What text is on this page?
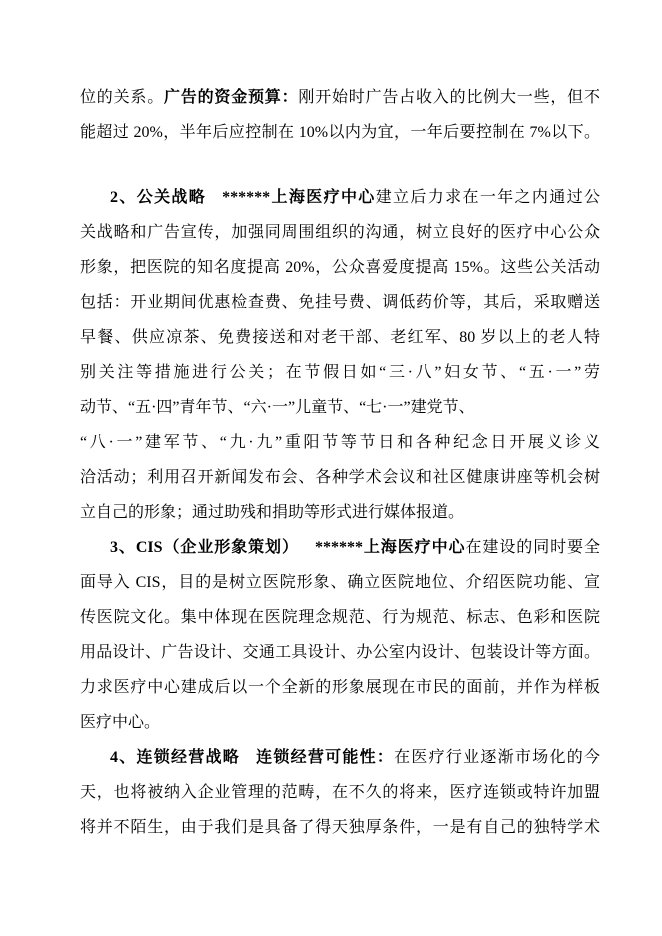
位的关系。广告的资金预算：刚开始时广告占收入的比例大一些，但不
能超过 20%，半年后应控制在 10%以内为宜，一年后要控制在 7%以下。
2、公关战略 ******上海医疗中心建立后力求在一年之内通过公
关战略和广告宣传，加强同周围组织的沟通，树立良好的医疗中心公众
形象，把医院的知名度提高 20%，公众喜爱度提高 15%。这些公关活动
包括：开业期间优惠检查费、免挂号费、调低药价等，其后，采取赠送
早餐、供应凉茶、免费接送和对老干部、老红军、80 岁以上的老人特
别关注等措施进行公关；在节假日如“三·八”妇女节、“五·一”劳
动节、“五·四”青年节、“六·一”儿童节、“七·一”建党节、
“八·一”建军节、“九·九”重阳节等节日和各种纪念日开展义诊义
洽活动；利用召开新闻发布会、各种学术会议和社区健康讲座等机会树
立自己的形象；通过助残和捐助等形式进行媒体报道。
3、CIS（企业形象策划） ******上海医疗中心在建设的同时要全
面导入 CIS，目的是树立医院形象、确立医院地位、介绍医院功能、宣
传医院文化。集中体现在医院理念规范、行为规范、标志、色彩和医院
用品设计、广告设计、交通工具设计、办公室内设计、包装设计等方面。
力求医疗中心建成后以一个全新的形象展现在市民的面前，并作为样板
医疗中心。
4、连锁经营战略 连锁经营可能性：在医疗行业逐渐市场化的今
天，也将被纳入企业管理的范畴，在不久的将来，医疗连锁或特许加盟
将并不陌生，由于我们是具备了得天独厚条件，一是有自己的独特学术
